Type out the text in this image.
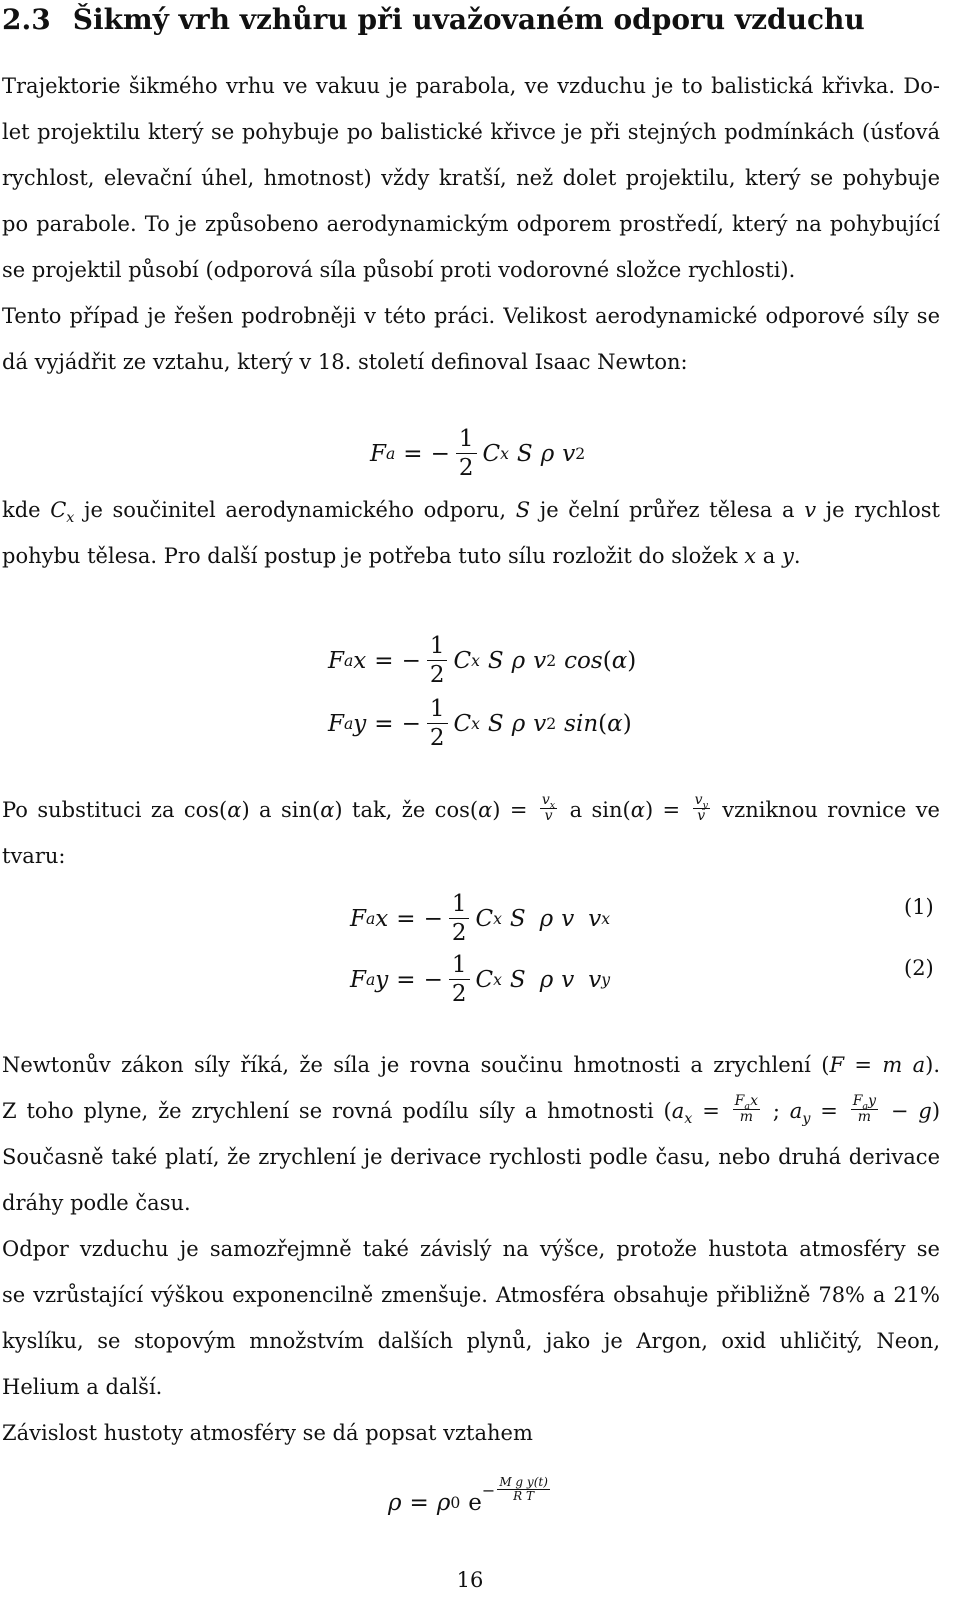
2.3 Šikmý vrh vzhůru při uvažovaném odporu vzduchu
Trajektorie šikmého vrhu ve vakuu je parabola, ve vzduchu je to balistická křivka. Do-
let projektilu který se pohybuje po balistické křivce je při stejných podmínkách (úsťová
rychlost, elevační úhel, hmotnost) vždy kratší, než dolet projektilu, který se pohybuje
po parabole. To je způsobeno aerodynamickým odporem prostředí, který na pohybující
se projektil působí (odporová síla působí proti vodorovné složce rychlosti).
Tento případ je řešen podrobněji v této práci. Velikost aerodynamické odporové síly se
dá vyjádřit ze vztahu, který v 18. století definoval Isaac Newton:
F a = − $\frac{1}{2}$ C x S ρ v 2
kde $C_x$ je součinitel aerodynamického odporu, S je čelní průřez tělesa a v je rychlost
pohybu tělesa. Pro další postup je potřeba tuto sílu rozložit do složek x a y.
F a x = − $\frac{1}{2}$ C x S ρ v 2 cos ( α )
F a y = − $\frac{1}{2}$ C x S ρ v 2 sin ( α )
Po substituci za cos(α) a sin(α) tak, že $\cos(\alpha) = \frac{v_x}{v}$ a $\sin(\alpha) = \frac{v_y}{v}$ vzniknou rovnice ve
tvaru:
F a x = − $\frac{1}{2}$ C x S ρ v v x	(1)
F a y = − $\frac{1}{2}$ C x S ρ v v y	(2)
Newtonův zákon síly říká, že síla je rovna součinu hmotnosti a zrychlení (F = m a).
Z toho plyne, že zrychlení se rovná podílu síly a hmotnosti ($a_x = \frac{F_ax}{m}$ ; $a_y = \frac{F_ay}{m} - g$)
Současně také platí, že zrychlení je derivace rychlosti podle času, nebo druhá derivace
dráhy podle času.
Odpor vzduchu je samozřejmně také závislý na výšce, protože hustota atmosféry se
se vzrůstající výškou exponencilně zmenšuje. Atmosféra obsahuje přibližně 78% a 21%
kyslíku, se stopovým množstvím dalších plynů, jako je Argon, oxid uhličitý, Neon,
Helium a další.
Závislost hustoty atmosféry se dá popsat vztahem
ρ = ρ 0 $e - \frac{\text{M g y(t)}}{\text{R T}}$
16
